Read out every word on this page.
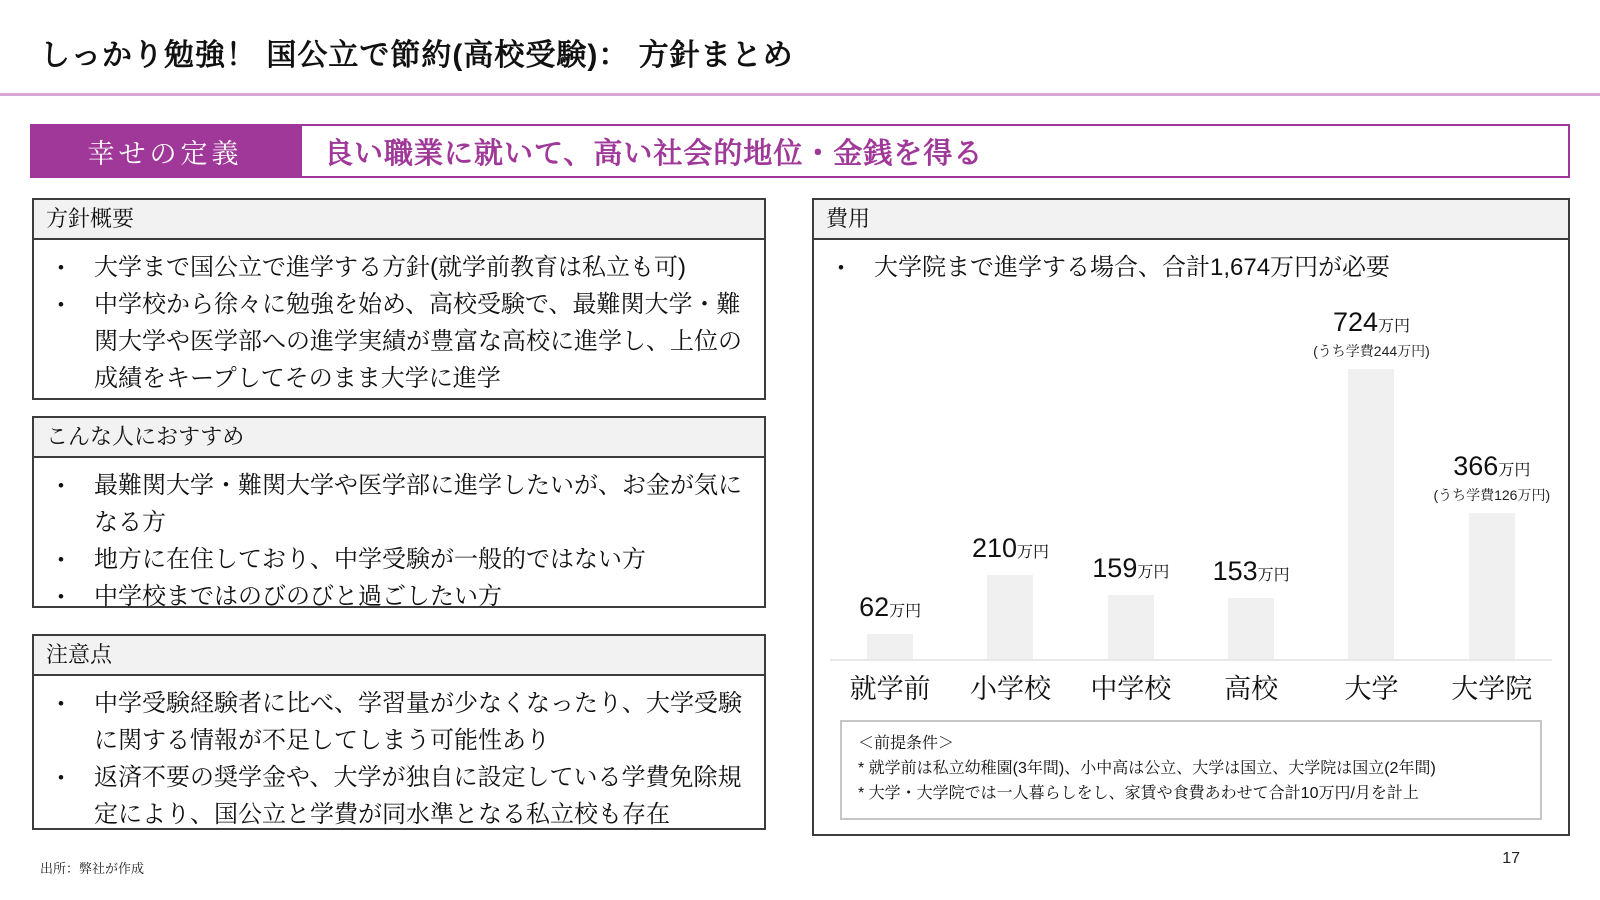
しっかり勉強！ 国公立で節約(高校受験)： 方針まとめ
幸せの定義	良い職業に就いて、高い社会的地位・金銭を得る
方針概要
• 大学まで国公立で進学する方針(就学前教育は私立も可)
• 中学校から徐々に勉強を始め、高校受験で、最難関大学・難関大学や医学部への進学実績が豊富な高校に進学し、上位の成績をキープしてそのまま大学に進学
こんな人におすすめ
• 最難関大学・難関大学や医学部に進学したいが、お金が気になる方
• 地方に在住しており、中学受験が一般的ではない方
• 中学校まではのびのびと過ごしたい方
注意点
• 中学受験経験者に比べ、学習量が少なくなったり、大学受験に関する情報が不足してしまう可能性あり
• 返済不要の奨学金や、大学が独自に設定している学費免除規定により、国公立と学費が同水準となる私立校も存在
費用
• 大学院まで進学する場合、合計1,674万円が必要
62万円
210万円
159万円	153万円
724万円
(うち学費244万円)
366万円
(うち学費126万円)
就学前	小学校	中学校	高校	大学	大学院
＜前提条件＞
* 就学前は私立幼稚園(3年間)、小中高は公立、大学は国立、大学院は国立(2年間)
* 大学・大学院では一人暮らしをし、家賃や食費あわせて合計10万円/月を計上
出所：弊社が作成
17
